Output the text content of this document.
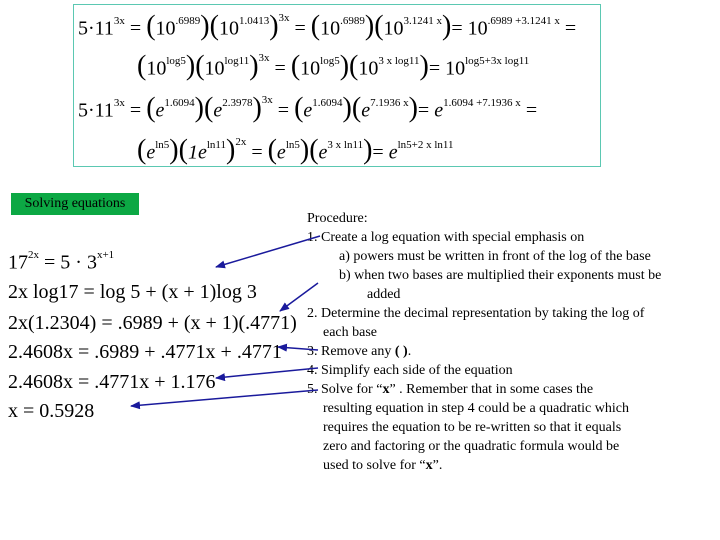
$5\cdot 11^{3x} = (10^{.6989})(10^{1.0413})^{3x} = (10^{.6989})(10^{3.1241 x})= 10^{.6989 +3.1241 x}$ =
$(10^{log5})(10^{log11})^{3x} = (10^{log5})(10^{3 x log11})= 10^{log5+3x log11}$
$5\cdot 11^{3x} = (e^{1.6094})(e^{2.3978})^{3x} = (e^{1.6094})(e^{7.1936 x})= e^{1.6094 +7.1936 x}$ =
$(e^{ln5})(1e^{ln11})^{2x} = (e^{ln5})(e^{3 x ln11})= e^{ln5+2 x ln11}$
Solving equations
$17^{2x} = 5 \cdot 3^{x+1}$
2x log17 = log 5 + (x + 1)log 3
2x(1.2304) = .6989 + (x + 1)(.4771)
2.4608x = .6989 + .4771x + .4771
2.4608x = .4771x + 1.176
x = 0.5928
Procedure:
1. Create a log equation with special emphasis on
a) powers must be written in front of the log of the base
b) when two bases are multiplied their exponents must be
added
2. Determine the decimal representation by taking the log of
each base
3. Remove any ( ).
4. Simplify each side of the equation
5. Solve for “x” . Remember that in some cases the
resulting equation in step 4 could be a quadratic which
requires the equation to be re-written so that it equals
zero and factoring or the quadratic formula would be
used to solve for “x”.
